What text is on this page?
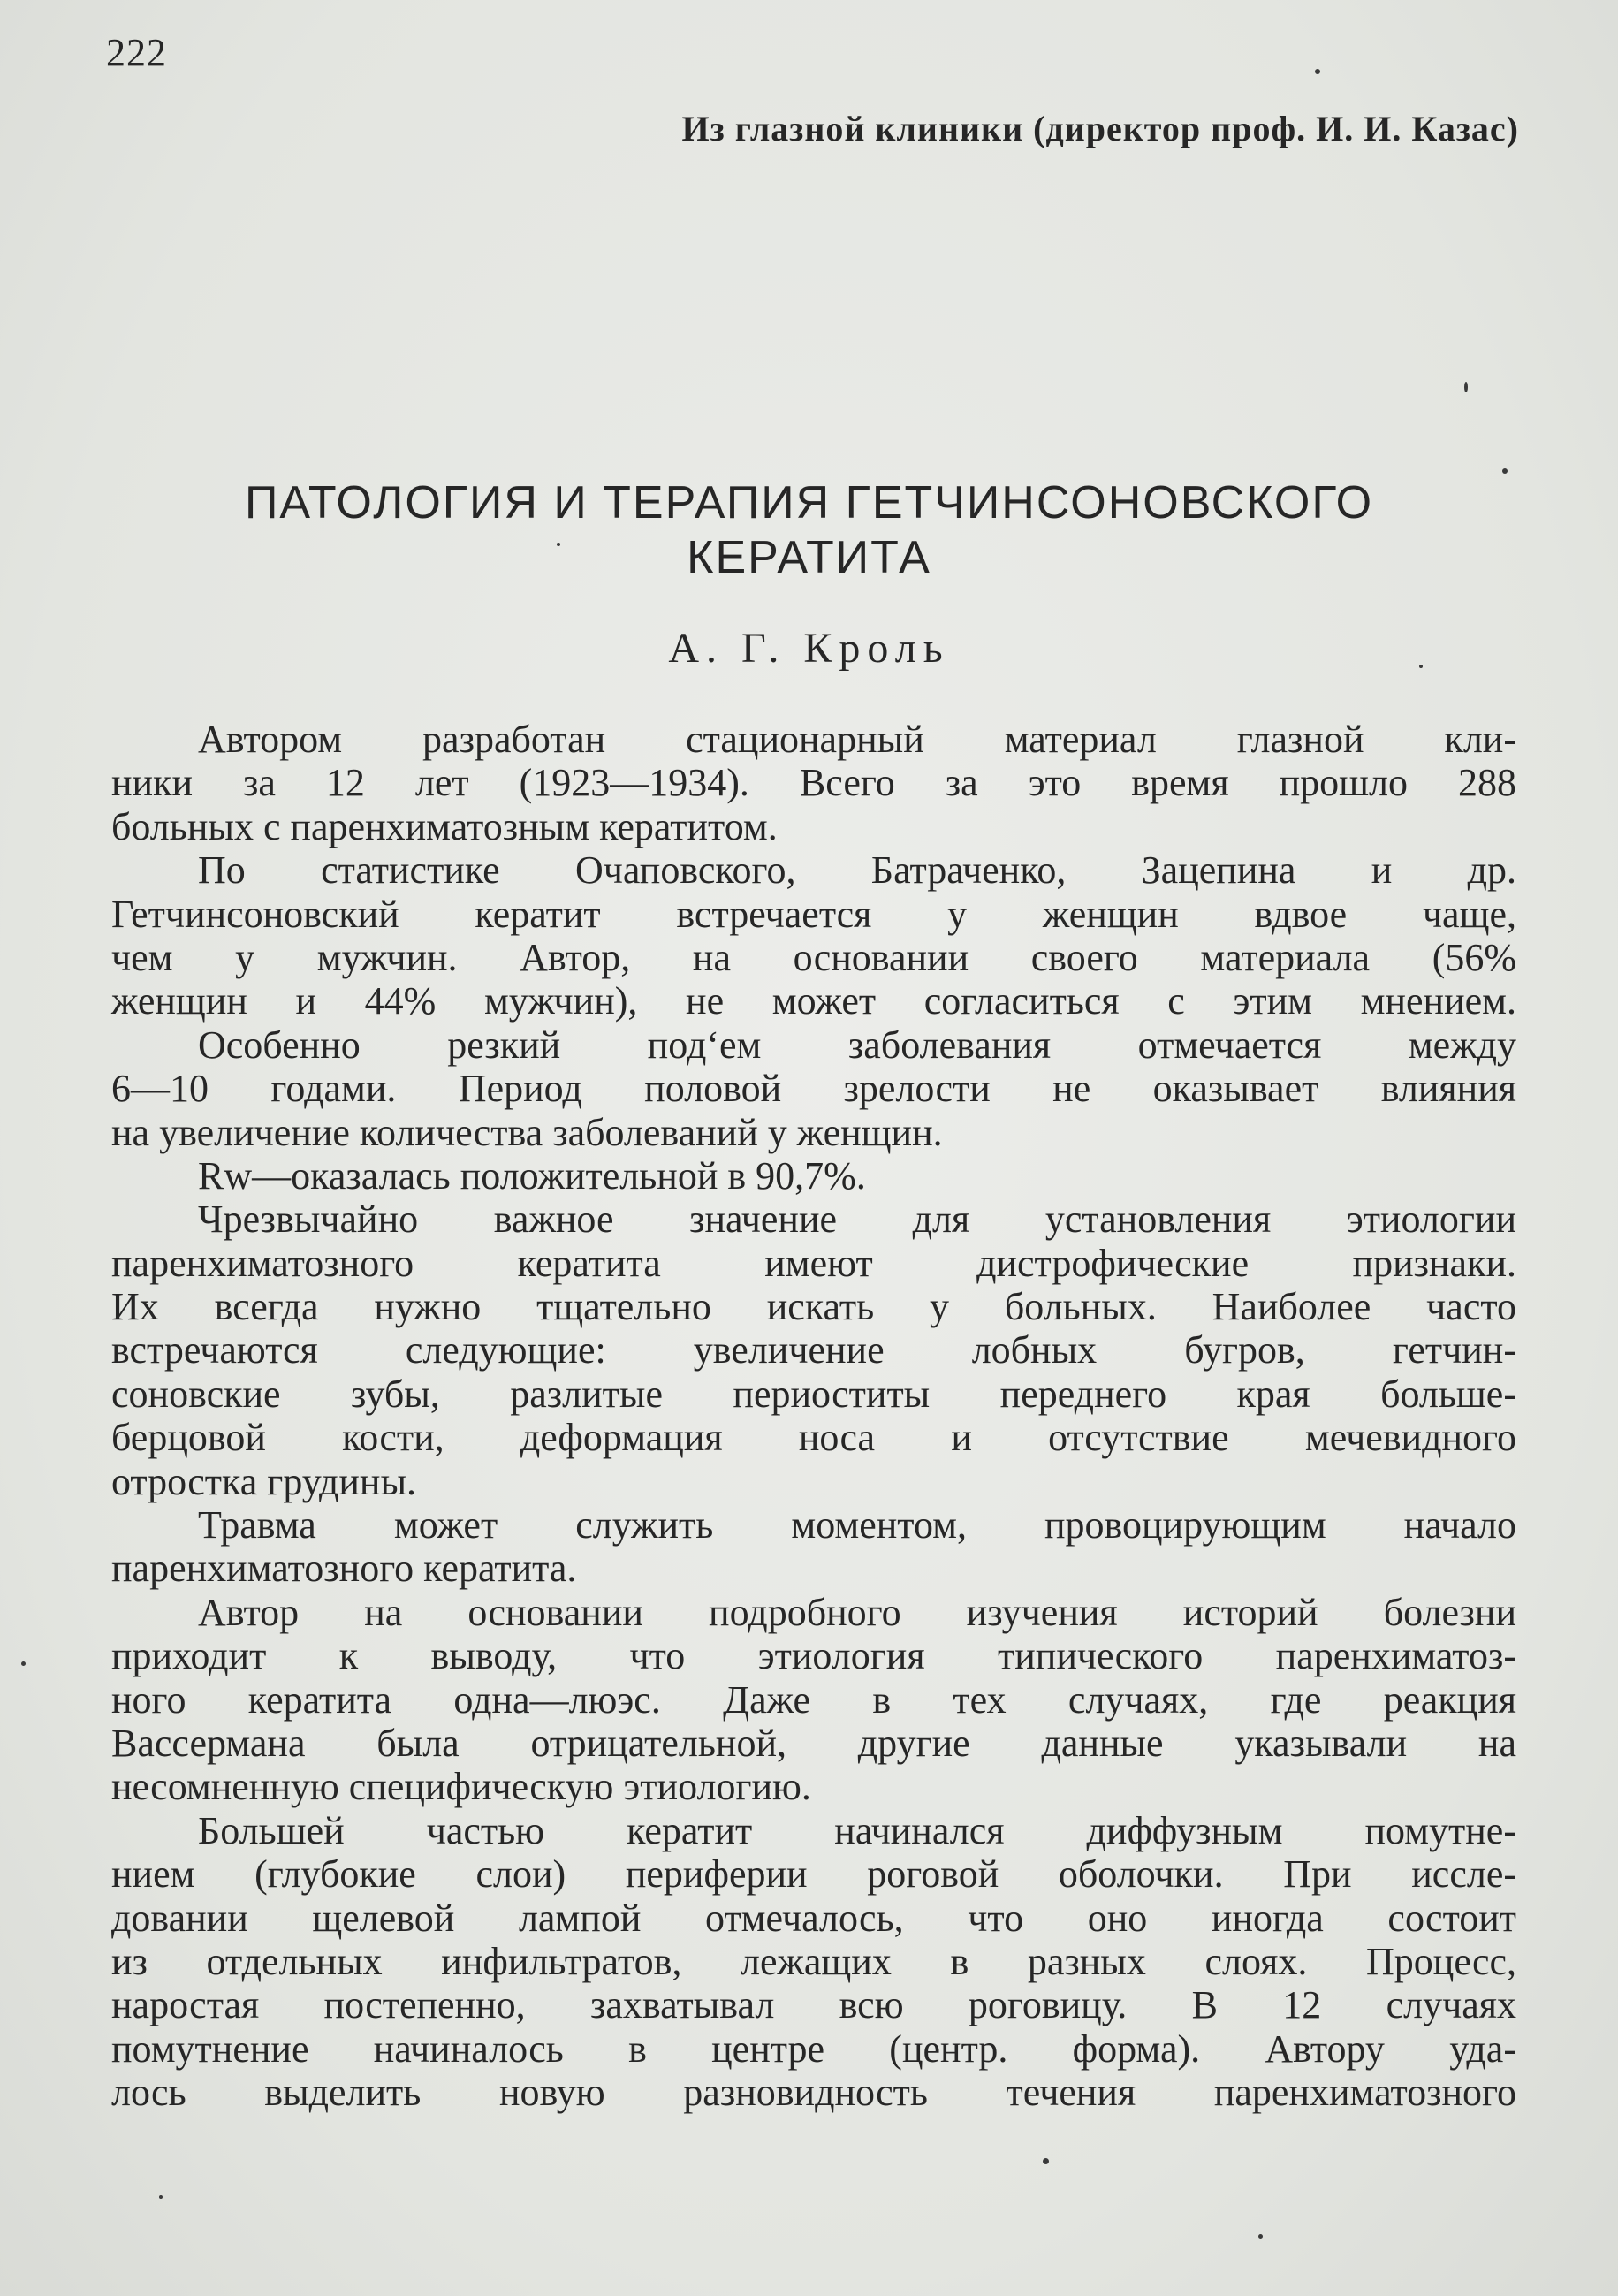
222
Из глазной клиники (директор проф. И. И. Казас)
ПАТОЛОГИЯ И ТЕРАПИЯ ГЕТЧИНСОНОВСКОГО
КЕРАТИТА
А. Г. Кроль
Автором разработан стационарный материал глазной кли-
ники за 12 лет (1923—1934). Всего за это время прошло 288
больных с паренхиматозным кератитом.
По статистике Очаповского, Батраченко, Зацепина и др.
Гетчинсоновский кератит встречается у женщин вдвое чаще,
чем у мужчин. Автор, на основании своего материала (56%
женщин и 44% мужчин), не может согласиться с этим мнением.
Особенно резкий под‘ем заболевания отмечается между
6—10 годами. Период половой зрелости не оказывает влияния
на увеличение количества заболеваний у женщин.
Rw—оказалась положительной в 90,7%.
Чрезвычайно важное значение для установления этиологии
паренхиматозного кератита имеют дистрофические признаки.
Их всегда нужно тщательно искать у больных. Наиболее часто
встречаются следующие: увеличение лобных бугров, гетчин-
соновские зубы, разлитые периоститы переднего края больше-
берцовой кости, деформация носа и отсутствие мечевидного
отростка грудины.
Травма может служить моментом, провоцирующим начало
паренхиматозного кератита.
Автор на основании подробного изучения историй болезни
приходит к выводу, что этиология типического паренхиматоз-
ного кератита одна—люэс. Даже в тех случаях, где реакция
Вассермана была отрицательной, другие данные указывали на
несомненную специфическую этиологию.
Большей частью кератит начинался диффузным помутне-
нием (глубокие слои) периферии роговой оболочки. При иссле-
довании щелевой лампой отмечалось, что оно иногда состоит
из отдельных инфильтратов, лежащих в разных слоях. Процесс,
наростая постепенно, захватывал всю роговицу. В 12 случаях
помутнение начиналось в центре (центр. форма). Автору уда-
лось выделить новую разновидность течения паренхиматозного
